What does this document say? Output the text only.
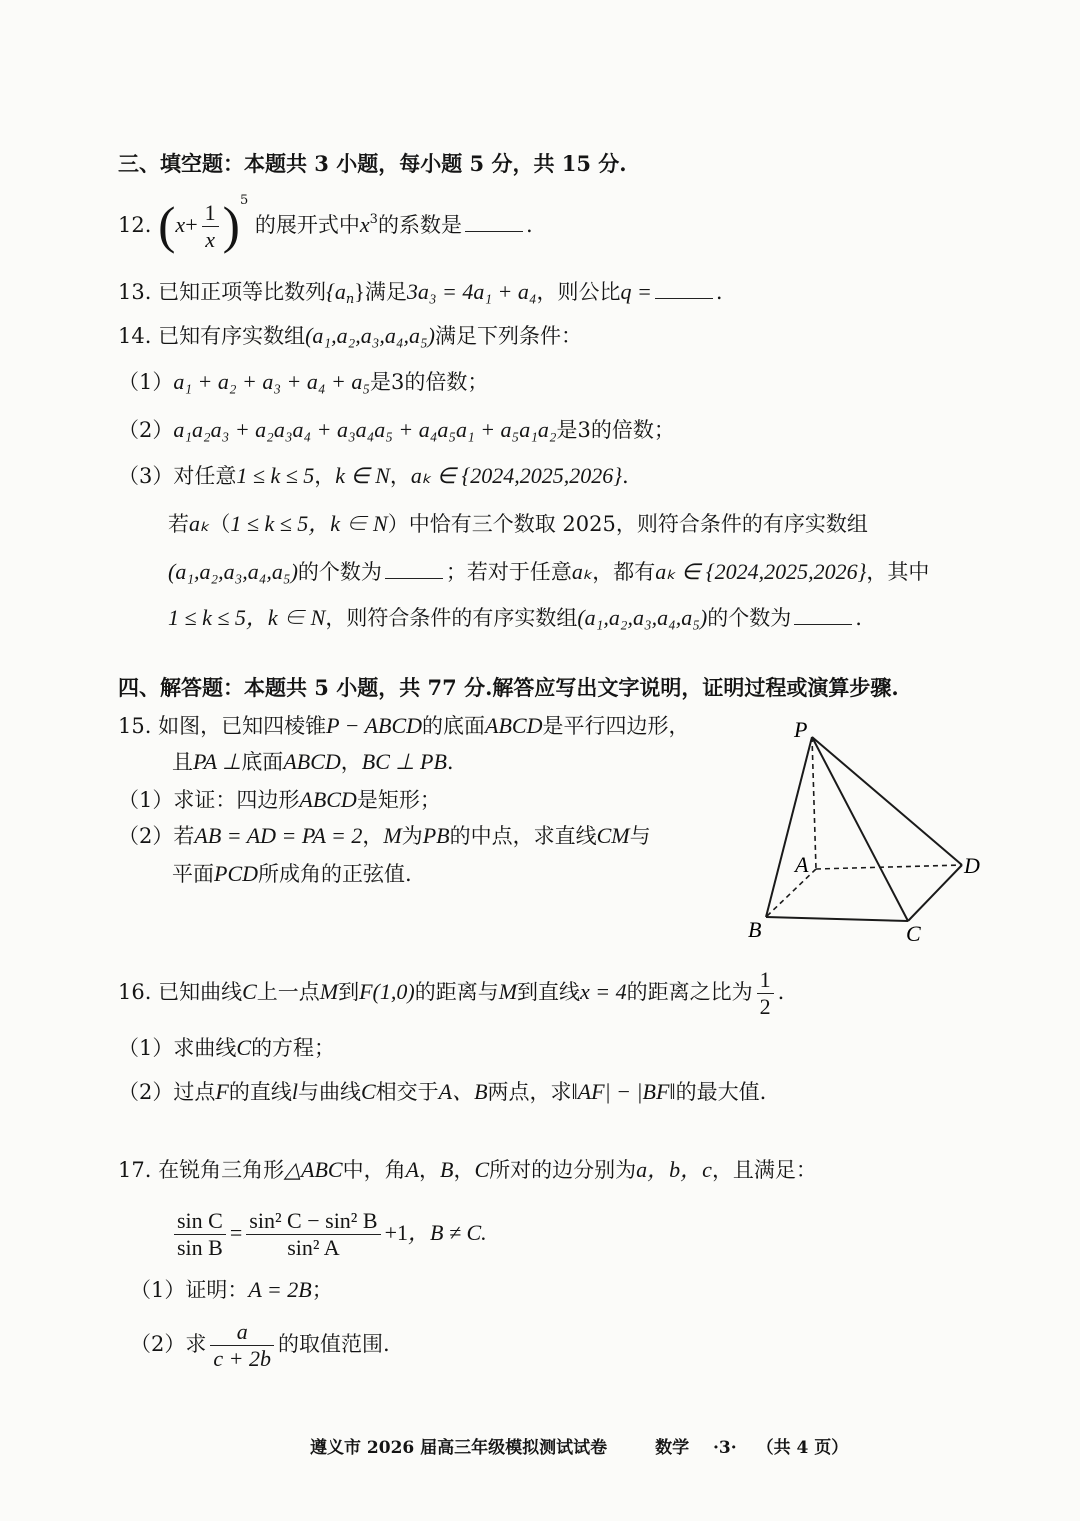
三、填空题：本题共 3 小题，每小题 5 分，共 15 分.
12. $(x+ \frac{1}{x} )^5$ 的展开式中$x^3$的系数是	.
13. 已知正项等比数列$\{a_n\}$满足3a₃ = 4a₁ + a₄，则公比q =	.
14. 已知有序实数组(a₁,a₂,a₃,a₄,a₅)满足下列条件：
（1）a₁ + a₂ + a₃ + a₄ + a₅是3的倍数；
（2）a₁a₂a₃ + a₂a₃a₄ + a₃a₄a₅ + a₄a₅a₁ + a₅a₁a₂是3的倍数；
（3）对任意1 ≤ k ≤ 5，k ∈ N，aₖ ∈ {2024,2025,2026}.
若aₖ（1 ≤ k ≤ 5，k ∈ N）中恰有三个数取 2025，则符合条件的有序实数组
(a₁,a₂,a₃,a₄,a₅)的个数为	；若对于任意aₖ，都有aₖ ∈ {2024,2025,2026}，其中
1 ≤ k ≤ 5，k ∈ N，则符合条件的有序实数组(a₁,a₂,a₃,a₄,a₅)的个数为	.
四、解答题：本题共 5 小题，共 77 分.解答应写出文字说明，证明过程或演算步骤.
15. 如图，已知四棱锥P − ABCD的底面ABCD是平行四边形，
且PA ⊥底面ABCD，BC ⊥ PB.
（1）求证：四边形ABCD是矩形；
（2）若AB = AD = PA = 2，M为PB的中点，求直线CM与
平面PCD所成角的正弦值.
P
A
B	C
D
16. 已知曲线C上一点M到F(1,0)的距离与M到直线x = 4的距离之比为 $\frac{1}{2}$ .
（1）求曲线C的方程；
（2）过点F的直线l与曲线C相交于A、B两点，求‖AF| − |BF‖的最大值.
17. 在锐角三角形△ABC中，角A，B，C所对的边分别为a，b，c，且满足：
$\frac{\text{sin C}}{\text{sin B}} = \frac{\text{sin² C − sin² B}}{\text{sin² A}} +1$，B ≠ C.
（1）证明：A = 2B；
（2）求 $\frac{a}{c + 2b}$ 的取值范围.
遵义市 2026 届高三年级模拟测试试卷	数学 ·3· （共 4 页）
